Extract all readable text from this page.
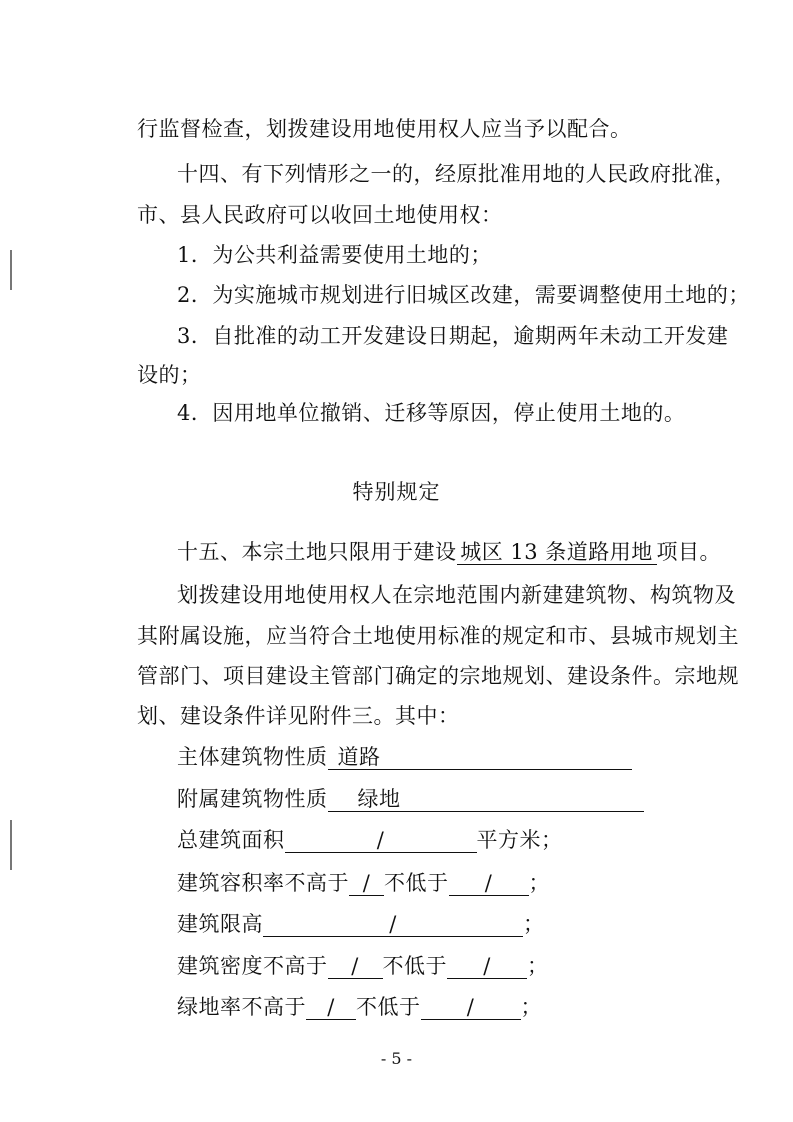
行监督检查，划拨建设用地使用权人应当予以配合。
十四、有下列情形之一的，经原批准用地的人民政府批准，
市、县人民政府可以收回土地使用权：
1．为公共利益需要使用土地的；
2．为实施城市规划进行旧城区改建，需要调整使用土地的；
3．自批准的动工开发建设日期起，逾期两年未动工开发建
设的；
4．因用地单位撤销、迁移等原因，停止使用土地的。
特别规定
十五、本宗土地只限用于建设 城区 13 条道路用地 项目。
划拨建设用地使用权人在宗地范围内新建建筑物、构筑物及
其附属设施，应当符合土地使用标准的规定和市、县城市规划主
管部门、项目建设主管部门确定的宗地规划、建设条件。宗地规
划、建设条件详见附件三。其中：
主体建筑物性质 道路
附属建筑物性质 绿地
总建筑面积	/	平方米；
建筑容积率不高于 / 不低于 / ；
建筑限高	/	；
建筑密度不高于 / 不低于 / ；
绿地率不高于 / 不低于 / ；
- 5 -
